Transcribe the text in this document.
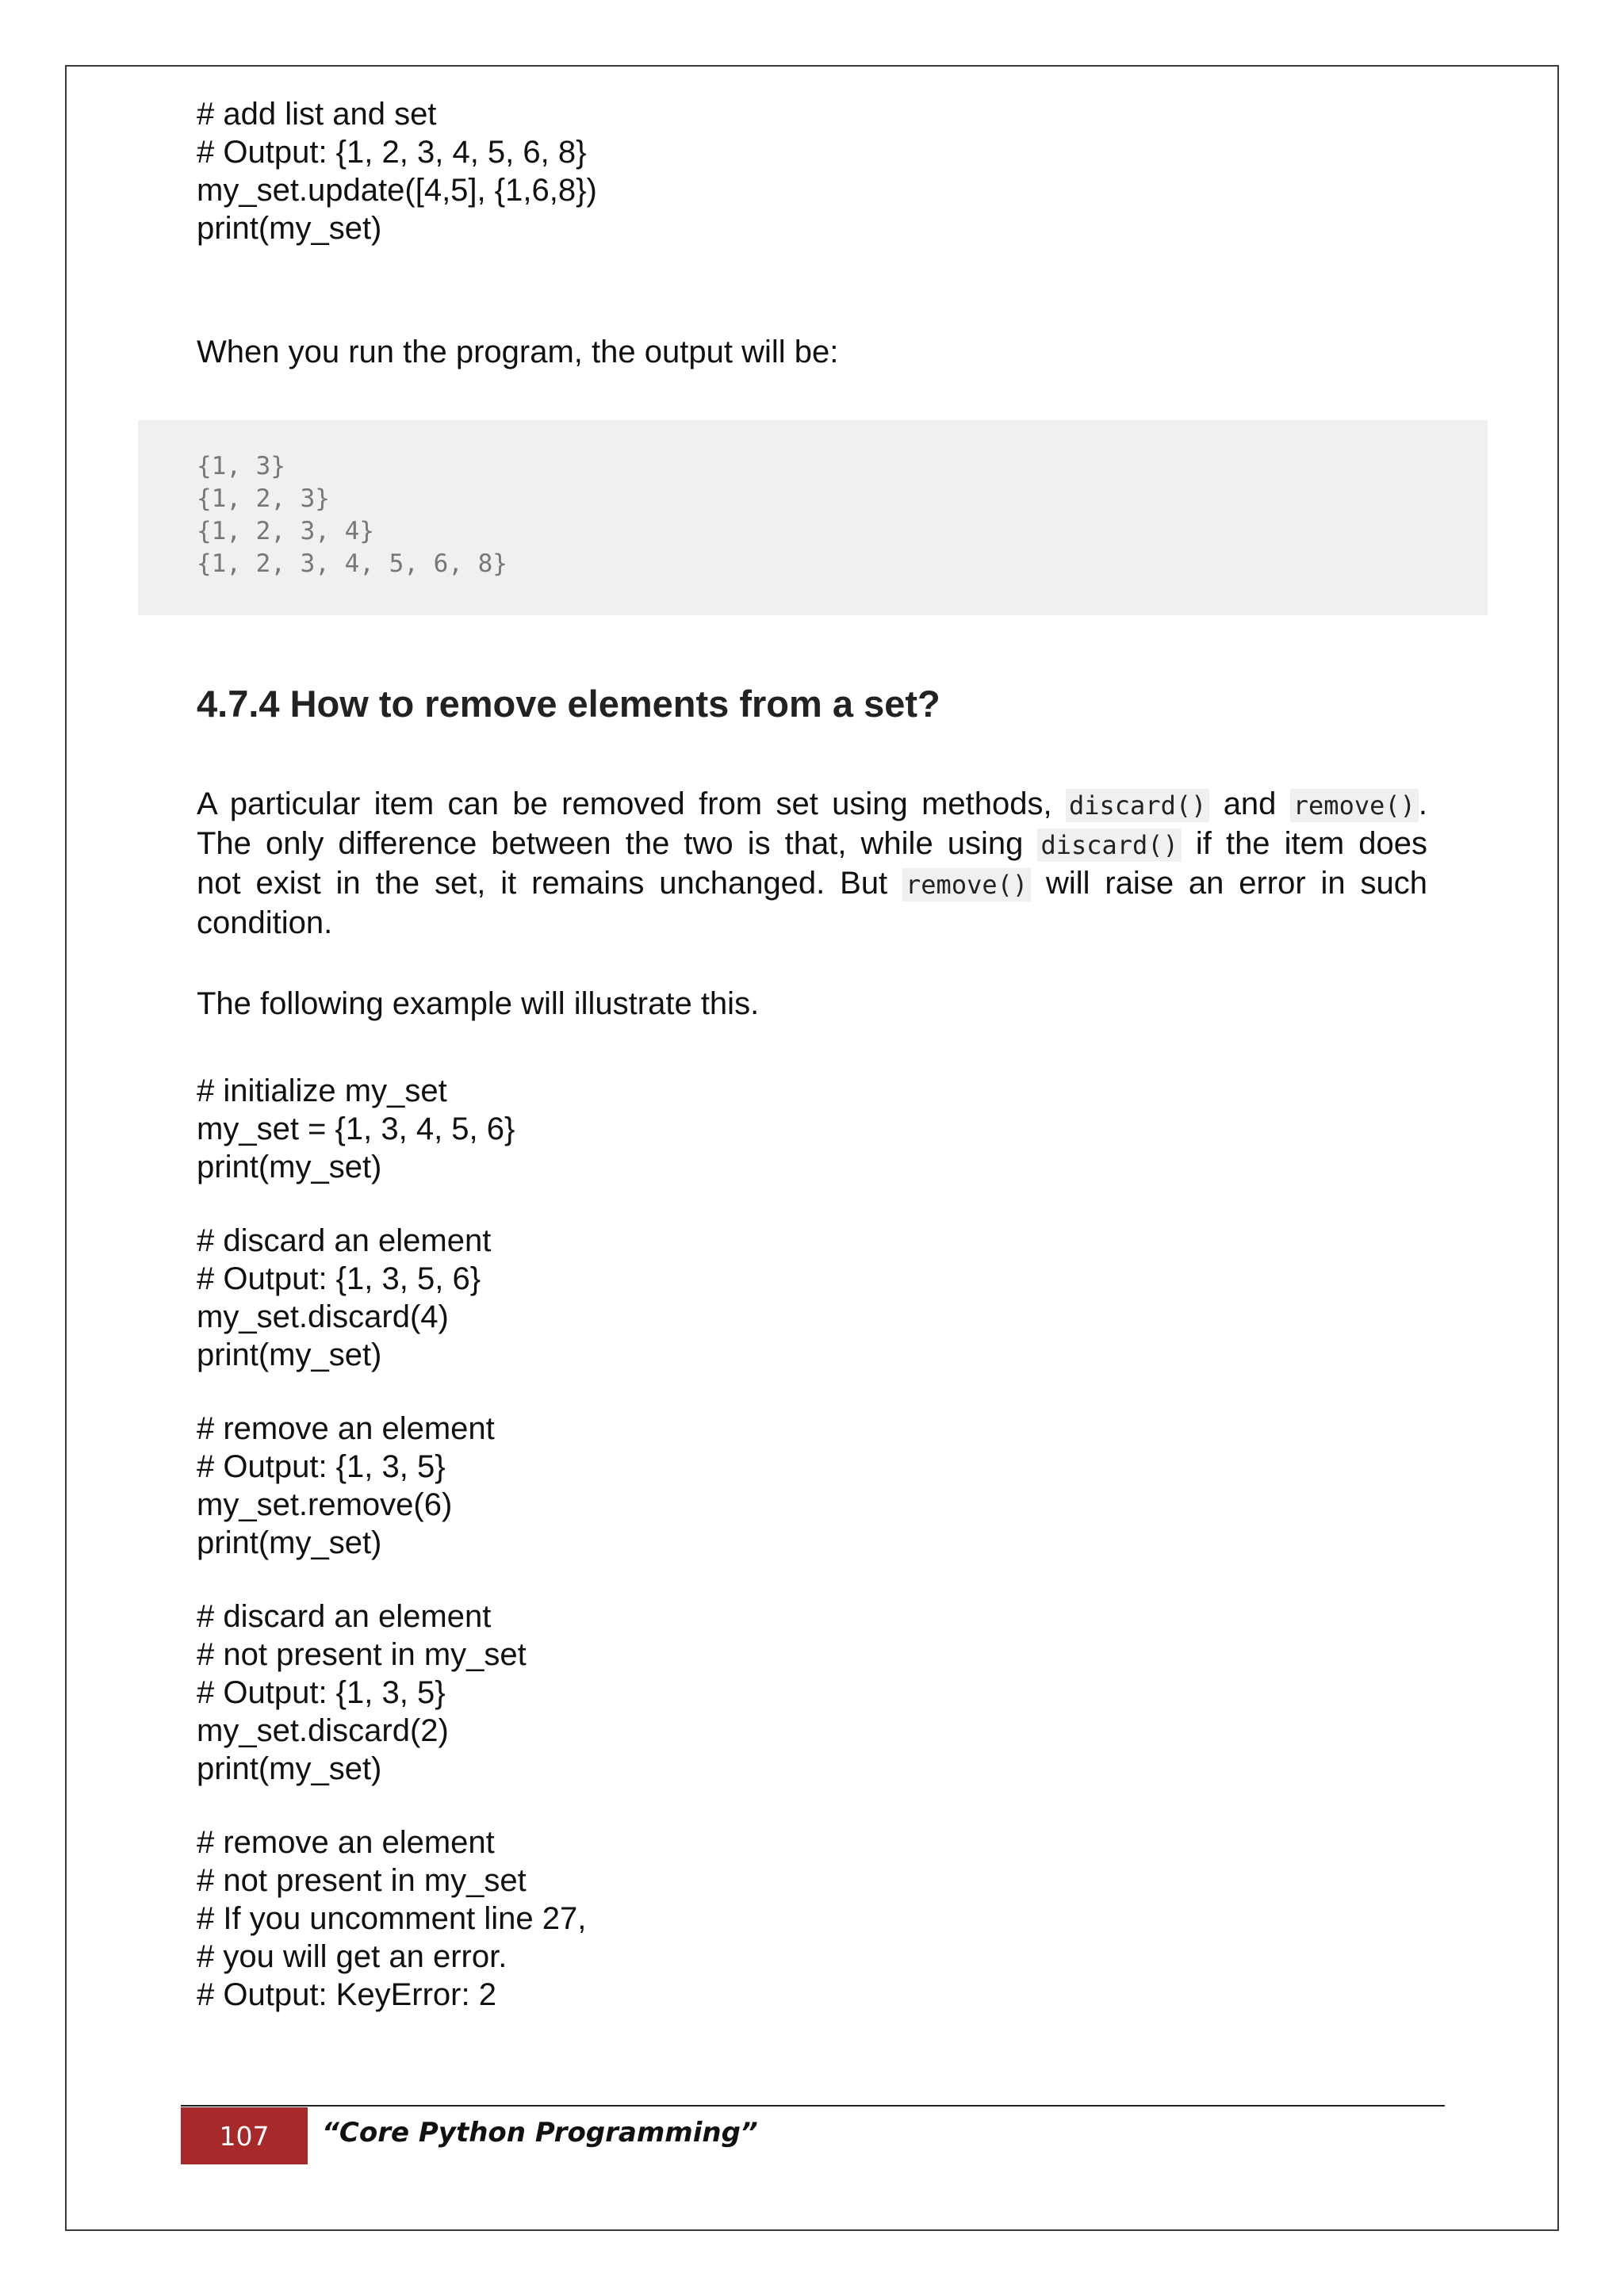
# add list and set

# Output: {1, 2, 3, 4, 5, 6, 8}

my_set.update([4,5], {1,6,8})

print(my_set)

When you run the program, the output will be:

{1, 3}
{1, 2, 3}
{1, 2, 3, 4}
{1, 2, 3, 4, 5, 6, 8}
4.7.4 How to remove elements from a set?
A particular item can be removed from set using methods, discard() and remove() .
The only difference between the two is that, while using discard() if the item does
not exist in the set, it remains unchanged. But remove() will raise an error in such
condition.

The following example will illustrate this.

# initialize my_set

my_set = {1, 3, 4, 5, 6}

print(my_set)

# discard an element

# Output: {1, 3, 5, 6}

my_set.discard(4)

print(my_set)

# remove an element

# Output: {1, 3, 5}

my_set.remove(6)

print(my_set)

# discard an element

# not present in my_set

# Output: {1, 3, 5}

my_set.discard(2)

print(my_set)

# remove an element

# not present in my_set

# If you uncomment line 27,

# you will get an error.

# Output: KeyError: 2

107 “Core Python Programming”
